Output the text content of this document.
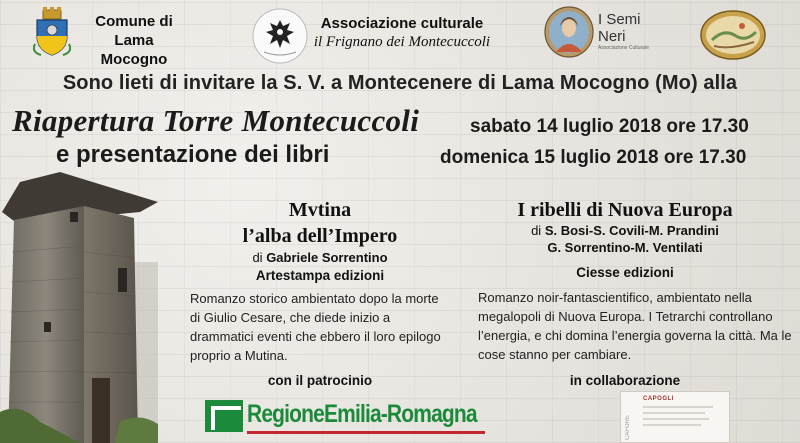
Comune di
Lama Mocogno
Associazione culturale
il Frignano dei Montecuccoli
I Semi
Neri
Associazione Culturale
Sono lieti di invitare la S. V. a Montecenere di Lama Mocogno (Mo) alla
Riapertura Torre Montecuccoli
e presentazione dei libri
sabato 14 luglio 2018 ore 17.30
domenica 15 luglio 2018 ore 17.30
Mvtina
l’alba dell’Impero
di Gabriele Sorrentino
Artestampa edizioni
Romanzo storico ambientato dopo la morte di Giulio Cesare, che diede inizio a drammatici eventi che ebbero il loro epilogo proprio a Mutina.
I ribelli di Nuova Europa
di S. Bosi-S. Covili-M. Prandini
G. Sorrentino-M. Ventilati
Ciesse edizioni
Romanzo noir-fantascientifico, ambientato nella megalopoli di Nuova Europa. I Tetrarchi controllano l’energia, e chi domina l’energia governa la città. Ma le cose stanno per cambiare.
con il patrocinio	in collaborazione
RegioneEmilia-Romagna	CAFORE
CAPOGLI
